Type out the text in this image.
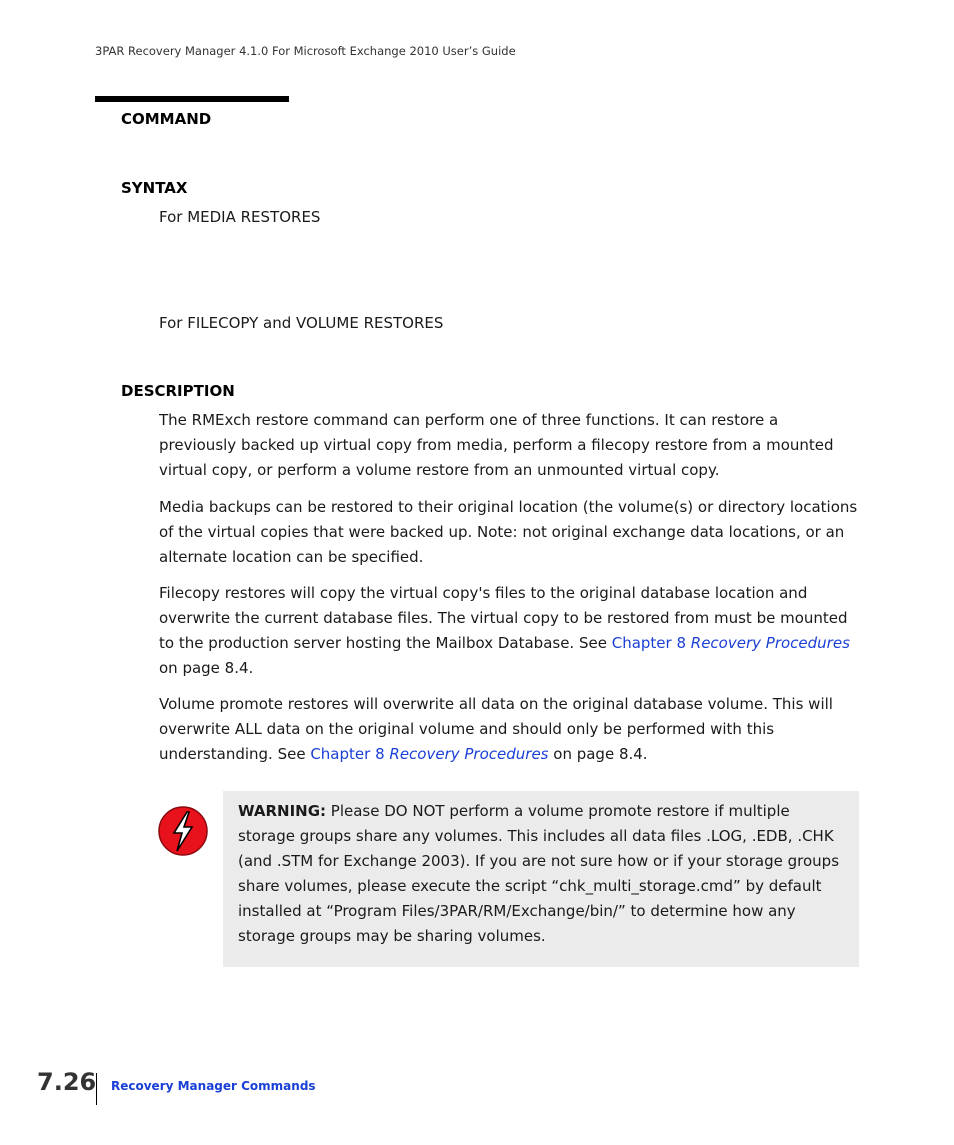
3PAR Recovery Manager 4.1.0 For Microsoft Exchange 2010 User’s Guide
COMMAND
SYNTAX

For MEDIA RESTORES

For FILECOPY and VOLUME RESTORES

DESCRIPTION

The RMExch restore command can perform one of three functions. It can restore a previously backed up virtual copy from media, perform a filecopy restore from a mounted virtual copy, or perform a volume restore from an unmounted virtual copy.

Media backups can be restored to their original location (the volume(s) or directory locations of the virtual copies that were backed up. Note: not original exchange data locations, or an alternate location can be specified.

Filecopy restores will copy the virtual copy's files to the original database location and overwrite the current database files. The virtual copy to be restored from must be mounted to the production server hosting the Mailbox Database. See Chapter 8 Recovery Procedures on page 8.4.

Volume promote restores will overwrite all data on the original database volume. This will overwrite ALL data on the original volume and should only be performed with this understanding. See Chapter 8 Recovery Procedures on page 8.4.

WARNING: Please DO NOT perform a volume promote restore if multiple storage groups share any volumes. This includes all data files .LOG, .EDB, .CHK (and .STM for Exchange 2003). If you are not sure how or if your storage groups share volumes, please execute the script “chk_multi_storage.cmd” by default installed at “Program Files/3PAR/RM/Exchange/bin/” to determine how any storage groups may be sharing volumes.

7.26 Recovery Manager Commands
